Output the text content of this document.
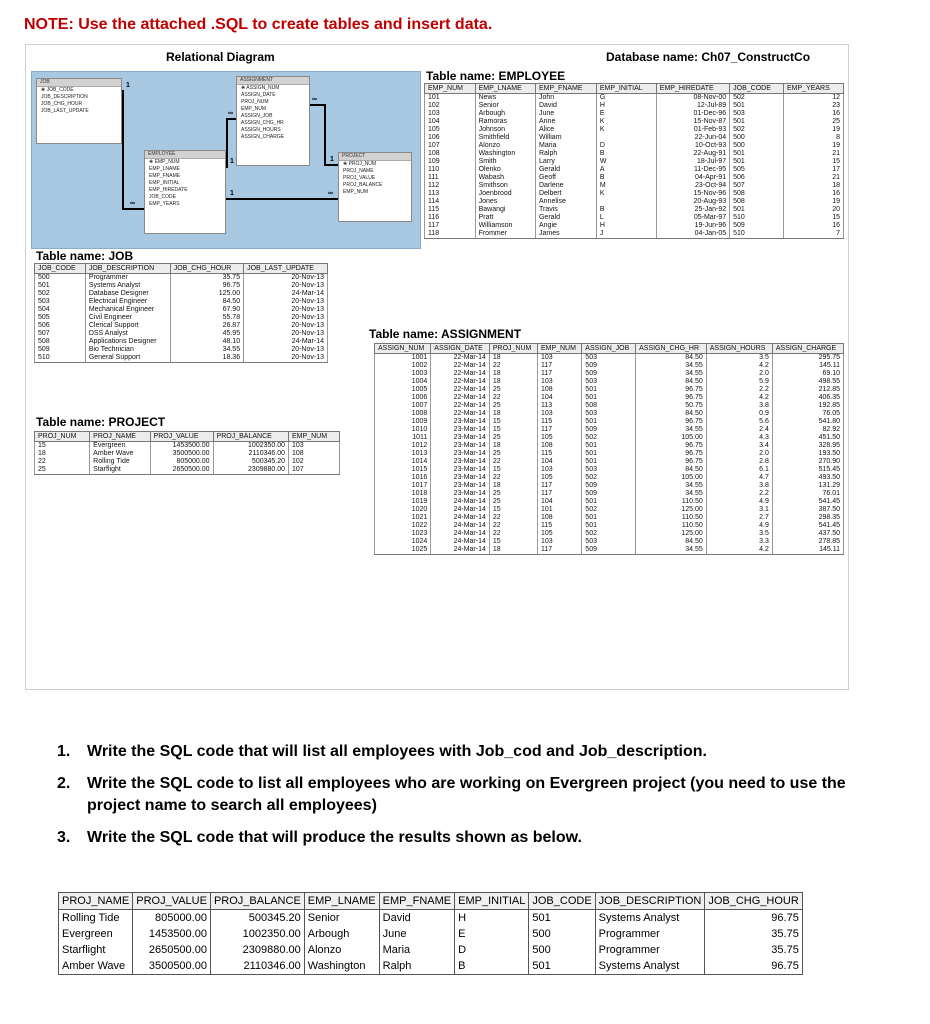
NOTE: Use the attached .SQL to create tables and insert data.
Relational Diagram	Database name: Ch07_ConstructCo
JOB
❀ JOB_CODE
JOB_DESCRIPTION
JOB_CHG_HOUR
JOB_LAST_UPDATE
ASSIGNMENT
❀ ASSIGN_NUM
ASSIGN_DATE
PROJ_NUM
EMP_NUM
ASSIGN_JOB
ASSIGN_CHG_HR
ASSIGN_HOURS
ASSIGN_CHARGE
EMPLOYEE
❀ EMP_NUM
EMP_LNAME
EMP_FNAME
EMP_INITIAL
EMP_HIREDATE
JOB_CODE
EMP_YEARS
PROJECT
❀ PROJ_NUM
PROJ_NAME
PROJ_VALUE
PROJ_BALANCE
EMP_NUM
1
∞
∞
1
∞
1
1	∞
Table name: EMPLOYEE
EMP_NUM	EMP_LNAME	EMP_FNAME	EMP_INITIAL	EMP_HIREDATE	JOB_CODE	EMP_YEARS
101	News	John	G	08-Nov-00	502	12
102	Senior	David	H	12-Jul-89	501	23
103	Arbough	June	E	01-Dec-96	503	16
104	Ramoras	Anne	K	15-Nov-87	501	25
105	Johnson	Alice	K	01-Feb-93	502	19
106	Smithfield	William		22-Jun-04	500	8
107	Alonzo	Maria	D	10-Oct-93	500	19
108	Washington	Ralph	B	22-Aug-91	501	21
109	Smith	Larry	W	18-Jul-97	501	15
110	Olenko	Gerald	A	11-Dec-95	505	17
111	Wabash	Geoff	B	04-Apr-91	506	21
112	Smithson	Darlene	M	23-Oct-94	507	18
113	Joenbrood	Delbert	K	15-Nov-96	508	16
114	Jones	Annelise		20-Aug-93	508	19
115	Bawangi	Travis	B	25-Jan-92	501	20
116	Pratt	Gerald	L	05-Mar-97	510	15
117	Williamson	Angie	H	19-Jun-96	509	16
118	Frommer	James	J	04-Jan-05	510	7
Table name: JOB
JOB_CODE	JOB_DESCRIPTION	JOB_CHG_HOUR	JOB_LAST_UPDATE
500	Programmer	35.75	20-Nov-13
501	Systems Analyst	96.75	20-Nov-13
502	Database Designer	125.00	24-Mar-14
503	Electrical Engineer	84.50	20-Nov-13
504	Mechanical Engineer	67.90	20-Nov-13
505	Civil Engineer	55.78	20-Nov-13
506	Clerical Support	26.87	20-Nov-13
507	DSS Analyst	45.95	20-Nov-13
508	Applications Designer	48.10	24-Mar-14
509	Bio Technician	34.55	20-Nov-13
510	General Support	18.36	20-Nov-13
Table name: PROJECT
PROJ_NUM	PROJ_NAME	PROJ_VALUE	PROJ_BALANCE	EMP_NUM
15	Evergreen	1453500.00	1002350.00	103
18	Amber Wave	3500500.00	2110346.00	108
22	Rolling Tide	805000.00	500345.20	102
25	Starflight	2650500.00	2309880.00	107
Table name: ASSIGNMENT
ASSIGN_NUM	ASSIGN_DATE	PROJ_NUM	EMP_NUM	ASSIGN_JOB	ASSIGN_CHG_HR	ASSIGN_HOURS	ASSIGN_CHARGE
1001	22-Mar-14	18	103	503	84.50	3.5	295.75
1002	22-Mar-14	22	117	509	34.55	4.2	145.11
1003	22-Mar-14	18	117	509	34.55	2.0	69.10
1004	22-Mar-14	18	103	503	84.50	5.9	498.55
1005	22-Mar-14	25	108	501	96.75	2.2	212.85
1006	22-Mar-14	22	104	501	96.75	4.2	406.35
1007	22-Mar-14	25	113	508	50.75	3.8	192.85
1008	22-Mar-14	18	103	503	84.50	0.9	76.05
1009	23-Mar-14	15	115	501	96.75	5.6	541.80
1010	23-Mar-14	15	117	509	34.55	2.4	82.92
1011	23-Mar-14	25	105	502	105.00	4.3	451.50
1012	23-Mar-14	18	108	501	96.75	3.4	328.95
1013	23-Mar-14	25	115	501	96.75	2.0	193.50
1014	23-Mar-14	22	104	501	96.75	2.8	270.90
1015	23-Mar-14	15	103	503	84.50	6.1	515.45
1016	23-Mar-14	22	105	502	105.00	4.7	493.50
1017	23-Mar-14	18	117	509	34.55	3.8	131.29
1018	23-Mar-14	25	117	509	34.55	2.2	76.01
1019	24-Mar-14	25	104	501	110.50	4.9	541.45
1020	24-Mar-14	15	101	502	125.00	3.1	387.50
1021	24-Mar-14	22	108	501	110.50	2.7	298.35
1022	24-Mar-14	22	115	501	110.50	4.9	541.45
1023	24-Mar-14	22	105	502	125.00	3.5	437.50
1024	24-Mar-14	15	103	503	84.50	3.3	278.85
1025	24-Mar-14	18	117	509	34.55	4.2	145.11
1.	Write the SQL code that will list all employees with Job_cod and Job_description.
2.	Write the SQL code to list all employees who are working on Evergreen project (you need to use the project name to search all employees)
3.	Write the SQL code that will produce the results shown as below.
PROJ_NAME	PROJ_VALUE	PROJ_BALANCE	EMP_LNAME	EMP_FNAME	EMP_INITIAL	JOB_CODE	JOB_DESCRIPTION	JOB_CHG_HOUR
Rolling Tide	805000.00	500345.20	Senior	David	H	501	Systems Analyst	96.75
Evergreen	1453500.00	1002350.00	Arbough	June	E	500	Programmer	35.75
Starflight	2650500.00	2309880.00	Alonzo	Maria	D	500	Programmer	35.75
Amber Wave	3500500.00	2110346.00	Washington	Ralph	B	501	Systems Analyst	96.75
